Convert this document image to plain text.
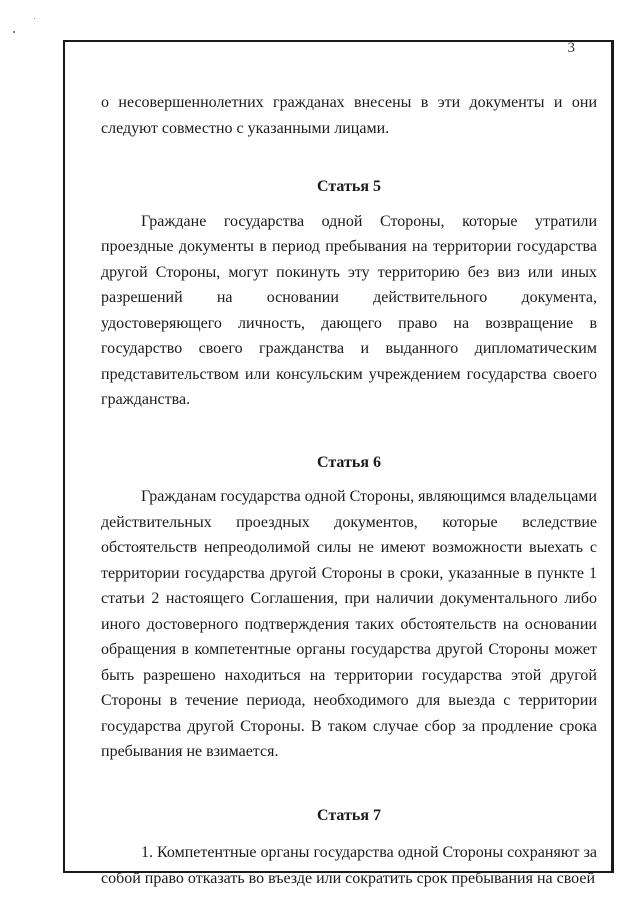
3

о несовершеннолетних гражданах внесены в эти документы и они следуют совместно с указанными лицами.

Статья 5

Граждане государства одной Стороны, которые утратили проездные документы в период пребывания на территории государства другой Стороны, могут покинуть эту территорию без виз или иных разрешений на основании действительного документа, удостоверяющего личность, дающего право на возвращение в государство своего гражданства и выданного дипломатическим представительством или консульским учреждением государства своего гражданства.

Статья 6

Гражданам государства одной Стороны, являющимся владельцами действительных проездных документов, которые вследствие обстоятельств непреодолимой силы не имеют возможности выехать с территории государства другой Стороны в сроки, указанные в пункте 1 статьи 2 настоящего Соглашения, при наличии документального либо иного достоверного подтверждения таких обстоятельств на основании обращения в компетентные органы государства другой Стороны может быть разрешено находиться на территории государства этой другой Стороны в течение периода, необходимого для выезда с территории государства другой Стороны. В таком случае сбор за продление срока пребывания не взимается.

Статья 7

1. Компетентные органы государства одной Стороны сохраняют за собой право отказать во въезде или сократить срок пребывания на своей
